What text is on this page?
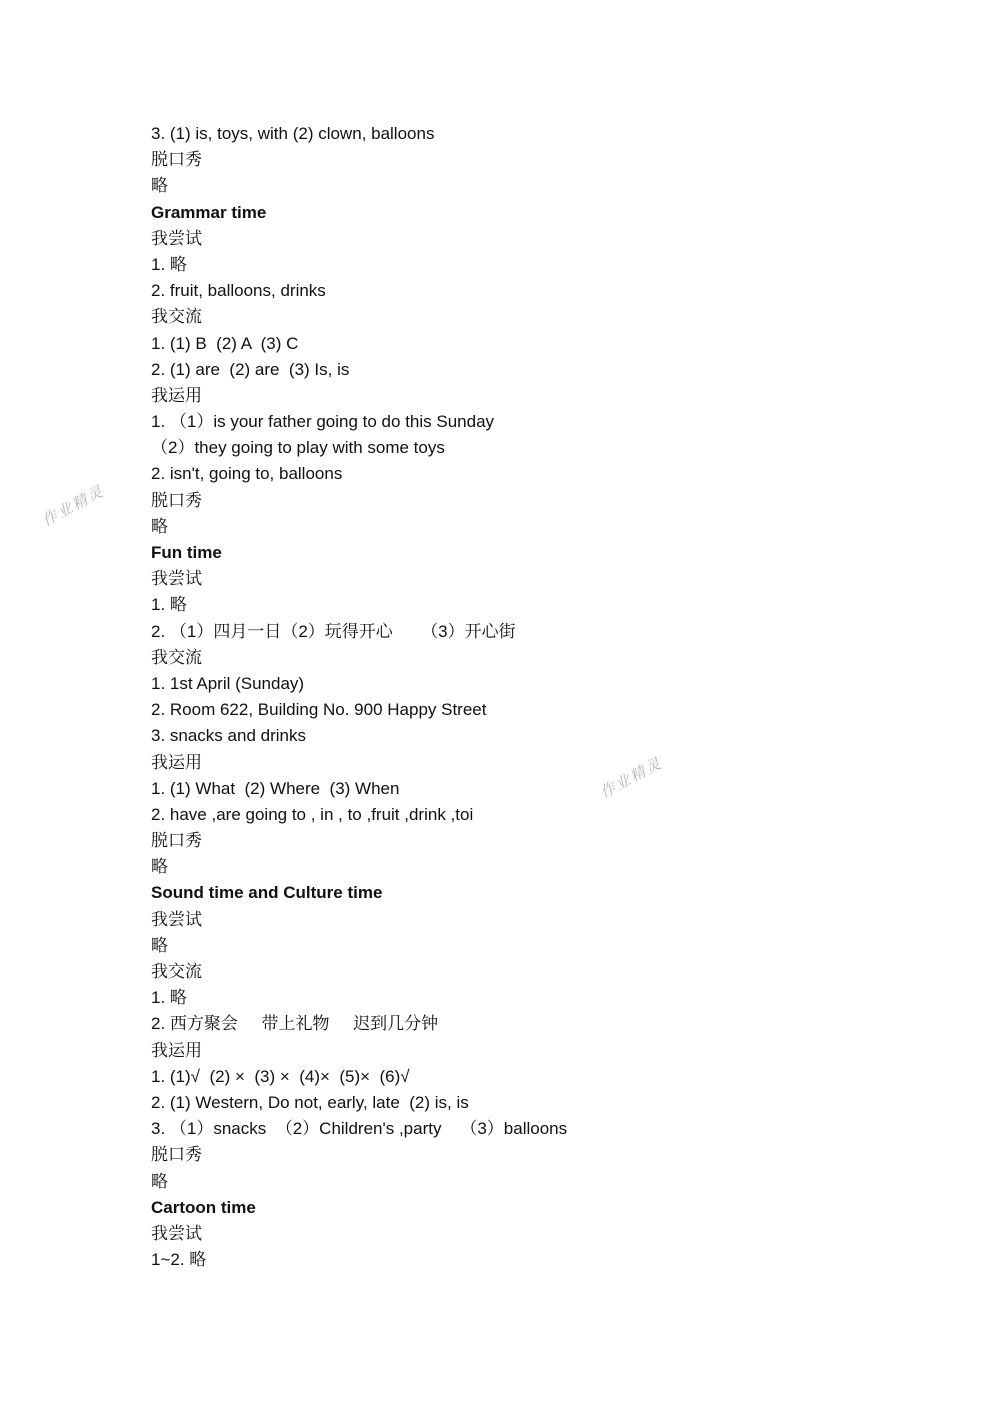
3. (1) is, toys, with (2) clown, balloons
脱口秀
略
Grammar time
我尝试
1. 略
2. fruit, balloons, drinks
我交流
1. (1) B  (2) A  (3) C
2. (1) are  (2) are  (3) Is, is
我运用
1. （1）is your father going to do this Sunday
（2）they going to play with some toys
2. isn't, going to, balloons
脱口秀
略
Fun time
我尝试
1. 略
2. （1）四月一日（2）玩得开心      （3）开心街
我交流
1. 1st April (Sunday)
2. Room 622, Building No. 900 Happy Street
3. snacks and drinks
我运用
1. (1) What  (2) Where  (3) When
2. have ,are going to , in , to ,fruit ,drink ,toi
脱口秀
略
Sound time and Culture time
我尝试
略
我交流
1. 略
2. 西方聚会     带上礼物     迟到几分钟
我运用
1. (1)√  (2) ×  (3) ×  (4)×  (5)×  (6)√
2. (1) Western, Do not, early, late  (2) is, is
3. （1）snacks  （2）Children's ,party    （3）balloons
脱口秀
略
Cartoon time
我尝试
1~2. 略
作业精灵
作业精灵
